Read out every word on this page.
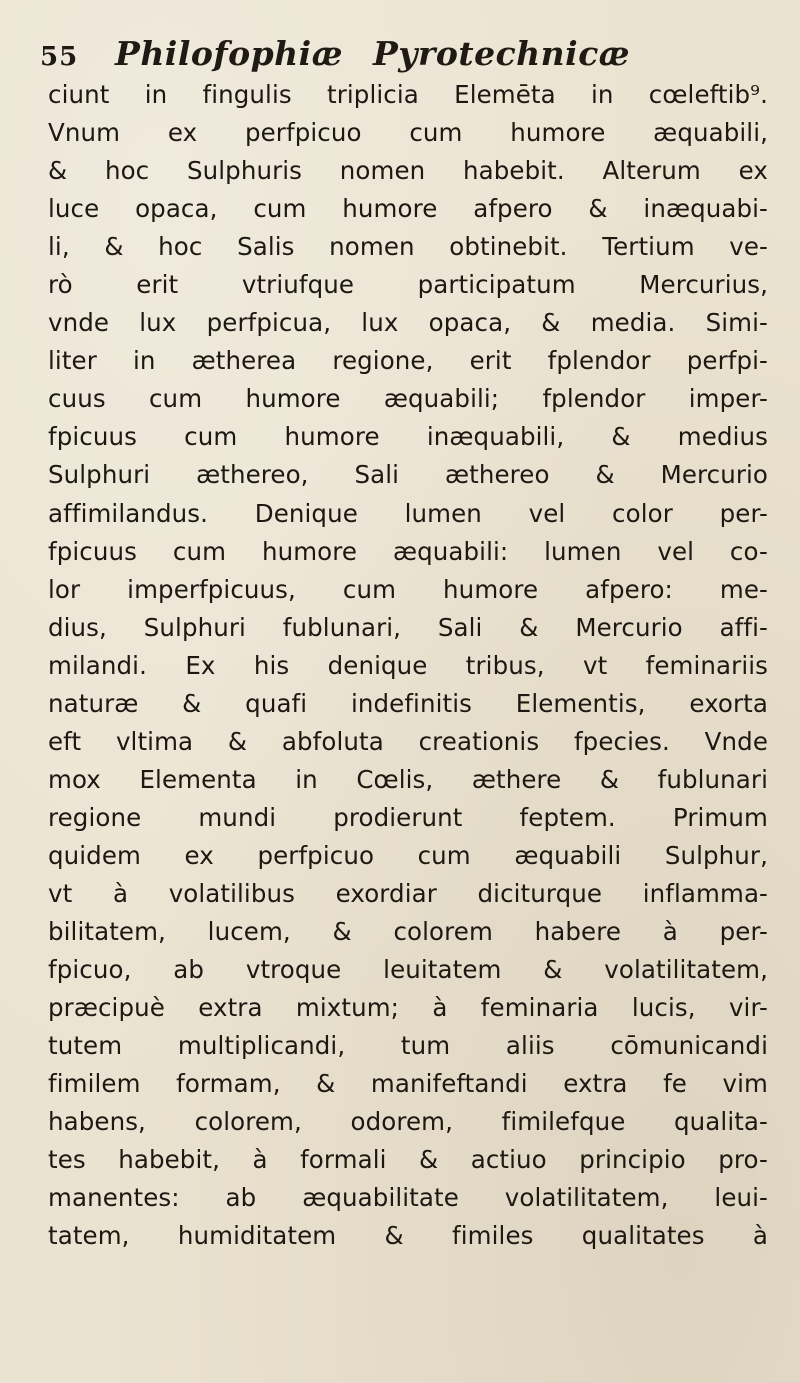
55 Philofophiæ Pyrotechnicæ
ciunt in fingulis triplicia Elemēta in cœleftib⁹.
Vnum ex perfpicuo cum humore æquabili,
& hoc Sulphuris nomen habebit. Alterum ex
luce opaca, cum humore afpero & inæquabi-
li, & hoc Salis nomen obtinebit. Tertium ve-
rò erit vtriufque participatum Mercurius,
vnde lux perfpicua, lux opaca, & media. Simi-
liter in ætherea regione, erit fplendor perfpi-
cuus cum humore æquabili; fplendor imper-
fpicuus cum humore inæquabili, & medius
Sulphuri æthereo, Sali æthereo & Mercurio
affimilandus. Denique lumen vel color per-
fpicuus cum humore æquabili: lumen vel co-
lor imperfpicuus, cum humore afpero: me-
dius, Sulphuri fublunari, Sali & Mercurio affi-
milandi. Ex his denique tribus, vt feminariis
naturæ & quafi indefinitis Elementis, exorta
eft vltima & abfoluta creationis fpecies. Vnde
mox Elementa in Cœlis, æthere & fublunari
regione mundi prodierunt feptem. Primum
quidem ex perfpicuo cum æquabili Sulphur,
vt à volatilibus exordiar diciturque inflamma-
bilitatem, lucem, & colorem habere à per-
fpicuo, ab vtroque leuitatem & volatilitatem,
præcipuè extra mixtum; à feminaria lucis, vir-
tutem multiplicandi, tum aliis cōmunicandi
fimilem formam, & manifeftandi extra fe vim
habens, colorem, odorem, fimilefque qualita-
tes habebit, à formali & actiuo principio pro-
manentes: ab æquabilitate volatilitatem, leui-
tatem, humiditatem & fimiles qualitates à
